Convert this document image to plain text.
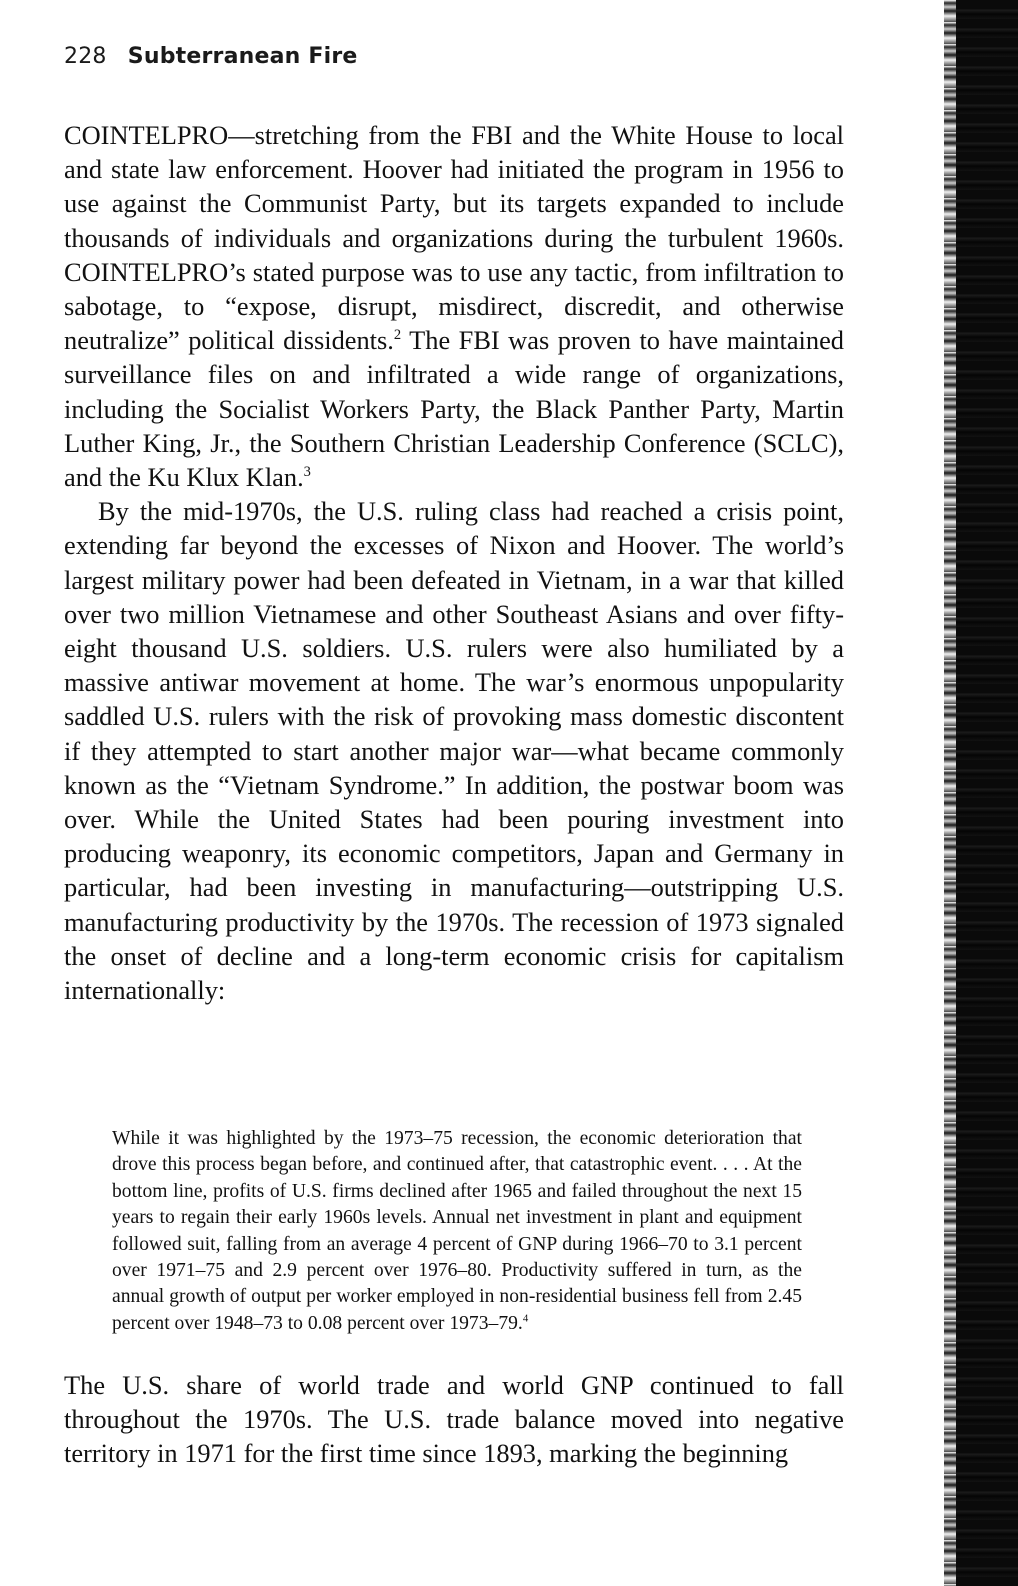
228 Subterranean Fire

COINTELPRO—stretching from the FBI and the White House to local and state law enforcement. Hoover had initiated the program in 1956 to use against the Communist Party, but its targets expanded to include thousands of individuals and organizations during the turbulent 1960s. COINTELPRO’s stated purpose was to use any tactic, from infiltration to sabotage, to “expose, disrupt, misdirect, discredit, and otherwise neutralize” political dissidents.$^2$ The FBI was proven to have maintained surveillance files on and infiltrated a wide range of organizations, including the Socialist Workers Party, the Black Panther Party, Martin Luther King, Jr., the Southern Christian Leadership Conference (SCLC), and the Ku Klux Klan.$^3$

By the mid-1970s, the U.S. ruling class had reached a crisis point, extending far beyond the excesses of Nixon and Hoover. The world’s largest military power had been defeated in Vietnam, in a war that killed over two million Vietnamese and other Southeast Asians and over fifty-eight thousand U.S. soldiers. U.S. rulers were also humiliated by a massive antiwar movement at home. The war’s enormous unpopularity saddled U.S. rulers with the risk of provoking mass domestic discontent if they attempted to start another major war—what became commonly known as the “Vietnam Syndrome.” In addition, the postwar boom was over. While the United States had been pouring investment into producing weaponry, its economic competitors, Japan and Germany in particular, had been investing in manufacturing—outstripping U.S. manufacturing productivity by the 1970s. The recession of 1973 signaled the onset of decline and a long-term economic crisis for capitalism internationally:

While it was highlighted by the 1973–75 recession, the economic deterioration that drove this process began before, and continued after, that catastrophic event. . . . At the bottom line, profits of U.S. firms declined after 1965 and failed throughout the next 15 years to regain their early 1960s levels. Annual net investment in plant and equipment followed suit, falling from an average 4 percent of GNP during 1966–70 to 3.1 percent over 1971–75 and 2.9 percent over 1976–80. Productivity suffered in turn, as the annual growth of output per worker employed in non-residential business fell from 2.45 percent over 1948–73 to 0.08 percent over 1973–79.$^4$

The U.S. share of world trade and world GNP continued to fall throughout the 1970s. The U.S. trade balance moved into negative territory in 1971 for the first time since 1893, marking the beginning
